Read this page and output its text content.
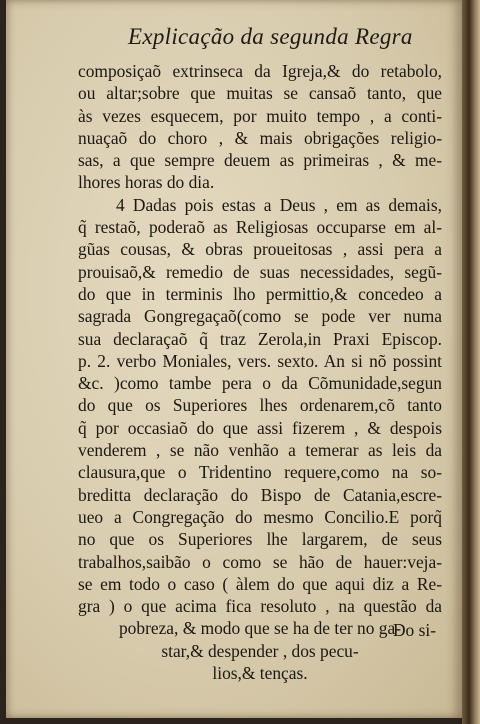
Explicação da segunda Regra
composiçaõ extrinseca da Igreja,& do retabolo,
ou altar;sobre que muitas se cansaõ tanto, que
às vezes esquecem, por muito tempo , a conti-
nuaçaõ do choro , & mais obrigações religio-
sas, a que sempre deuem as primeiras , & me-
lhores horas do dia.
4 Dadas pois estas a Deus , em as demais,
q̃ restaõ, poderaõ as Religiosas occuparse em al-
gũas cousas, & obras proueitosas , assi pera a
prouisaõ,& remedio de suas necessidades, segũ-
do que in terminis lho permittio,& concedeo a
sagrada Gongregaçaõ(como se pode ver numa
sua declaraçaõ q̃ traz Zerola,in Praxi Episcop.
p. 2. verbo Moniales, vers. sexto. An si nõ possint
&c. )como tambe pera o da Cõmunidade,segun
do que os Superiores lhes ordenarem,cõ tanto
q̃ por occasiaõ do que assi fizerem , & despois
venderem , se não venhão a temerar as leis da
clausura,que o Tridentino requere,como na so-
breditta declaração do Bispo de Catania,escre-
ueo a Congregação do mesmo Concilio.E porq̃
no que os Superiores lhe largarem, de seus
trabalhos,saibão o como se hão de hauer:veja-
se em todo o caso ( àlem do que aqui diz a Re-
gra ) o que acima fica resoluto , na questão da
pobreza, & modo que se ha de ter no ga-
star,& despender , dos pecu-
lios,& tenças.
Do si-
